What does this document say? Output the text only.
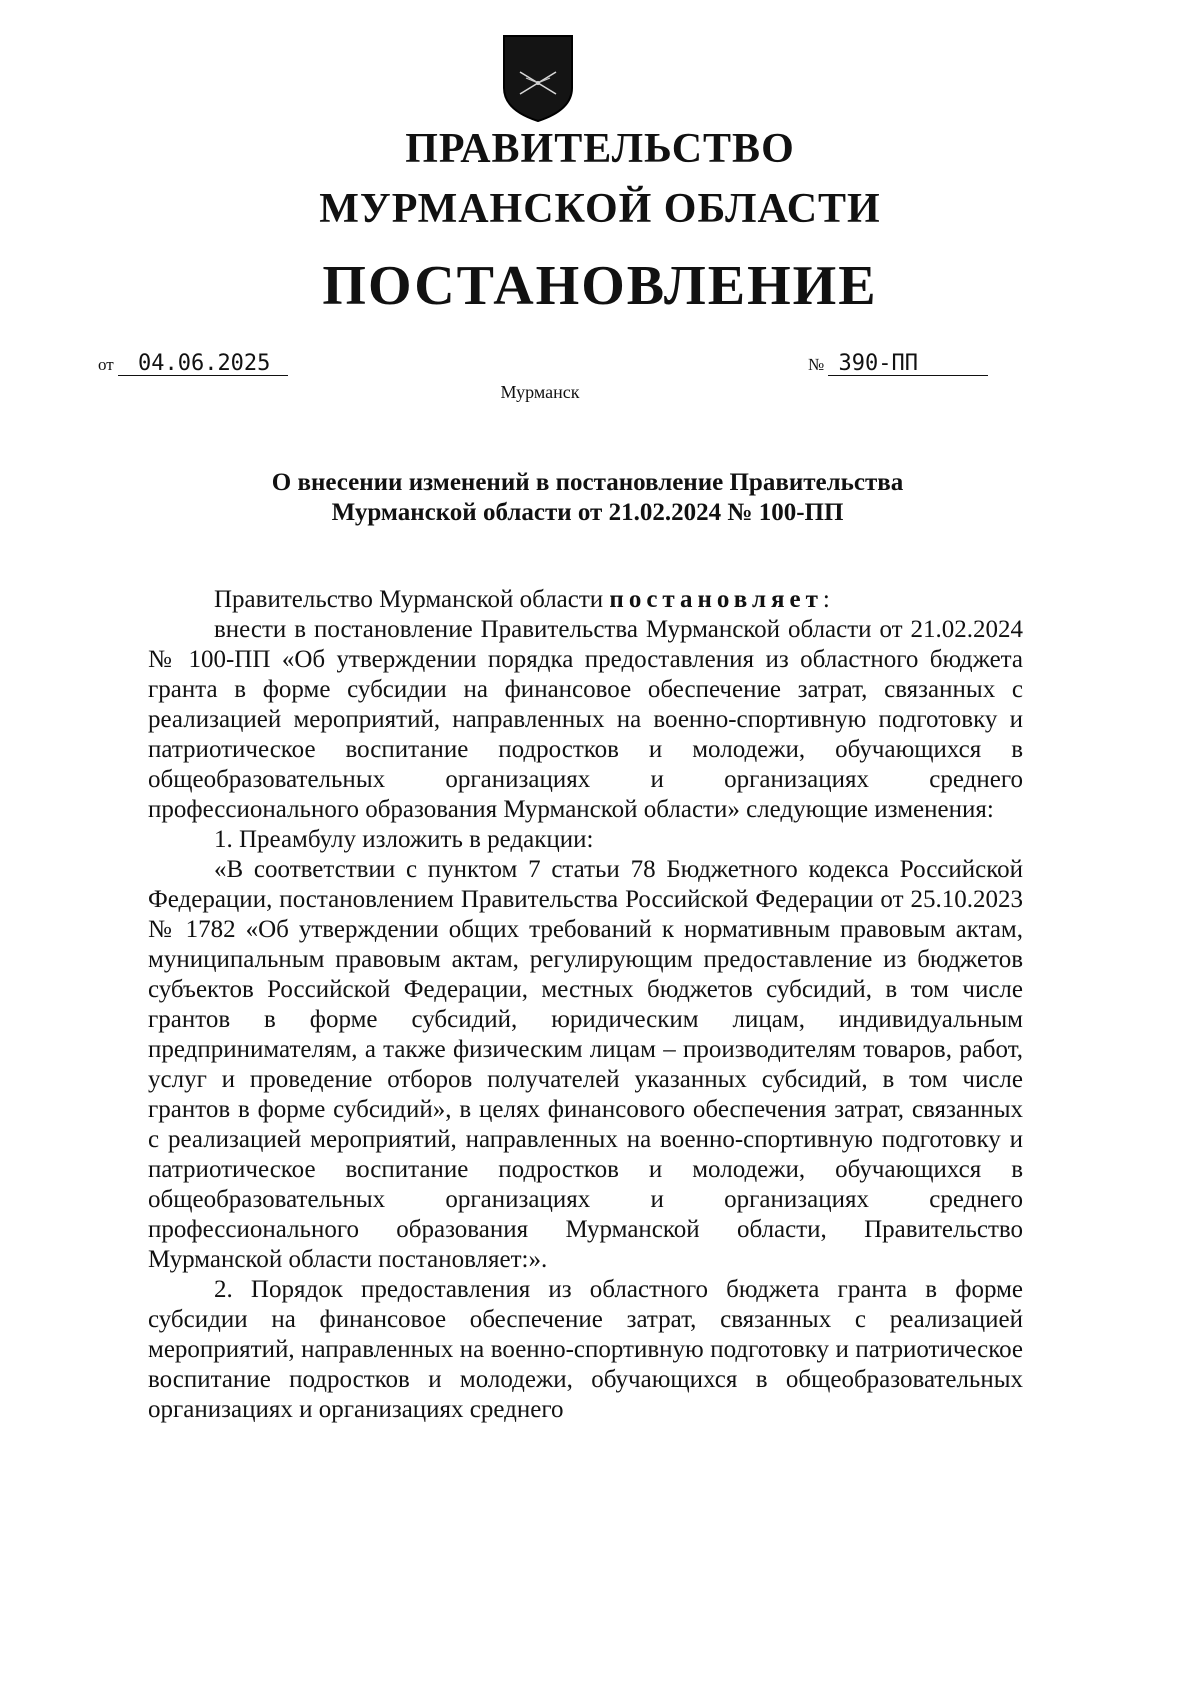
ПРАВИТЕЛЬСТВО
МУРМАНСКОЙ ОБЛАСТИ
ПОСТАНОВЛЕНИЕ
от 04.06.2025	№ 390-ПП
Мурманск
О внесении изменений в постановление Правительства
Мурманской области от 21.02.2024 № 100-ПП

Правительство Мурманской области постановляет:

внести в постановление Правительства Мурманской области от 21.02.2024 № 100-ПП «Об утверждении порядка предоставления из областного бюджета гранта в форме субсидии на финансовое обеспечение затрат, связанных с реализацией мероприятий, направленных на военно-спортивную подготовку и патриотическое воспитание подростков и молодежи, обучающихся в общеобразовательных организациях и организациях среднего профессионального образования Мурманской области» следующие изменения:

1. Преамбулу изложить в редакции:

«В соответствии с пунктом 7 статьи 78 Бюджетного кодекса Российской Федерации, постановлением Правительства Российской Федерации от 25.10.2023 № 1782 «Об утверждении общих требований к нормативным правовым актам, муниципальным правовым актам, регулирующим предоставление из бюджетов субъектов Российской Федерации, местных бюджетов субсидий, в том числе грантов в форме субсидий, юридическим лицам, индивидуальным предпринимателям, а также физическим лицам – производителям товаров, работ, услуг и проведение отборов получателей указанных субсидий, в том числе грантов в форме субсидий», в целях финансового обеспечения затрат, связанных с реализацией мероприятий, направленных на военно-спортивную подготовку и патриотическое воспитание подростков и молодежи, обучающихся в общеобразовательных организациях и организациях среднего профессионального образования Мурманской области, Правительство Мурманской области постановляет:».

2. Порядок предоставления из областного бюджета гранта в форме субсидии на финансовое обеспечение затрат, связанных с реализацией мероприятий, направленных на военно-спортивную подготовку и патриотическое воспитание подростков и молодежи, обучающихся в общеобразовательных организациях и организациях среднего
